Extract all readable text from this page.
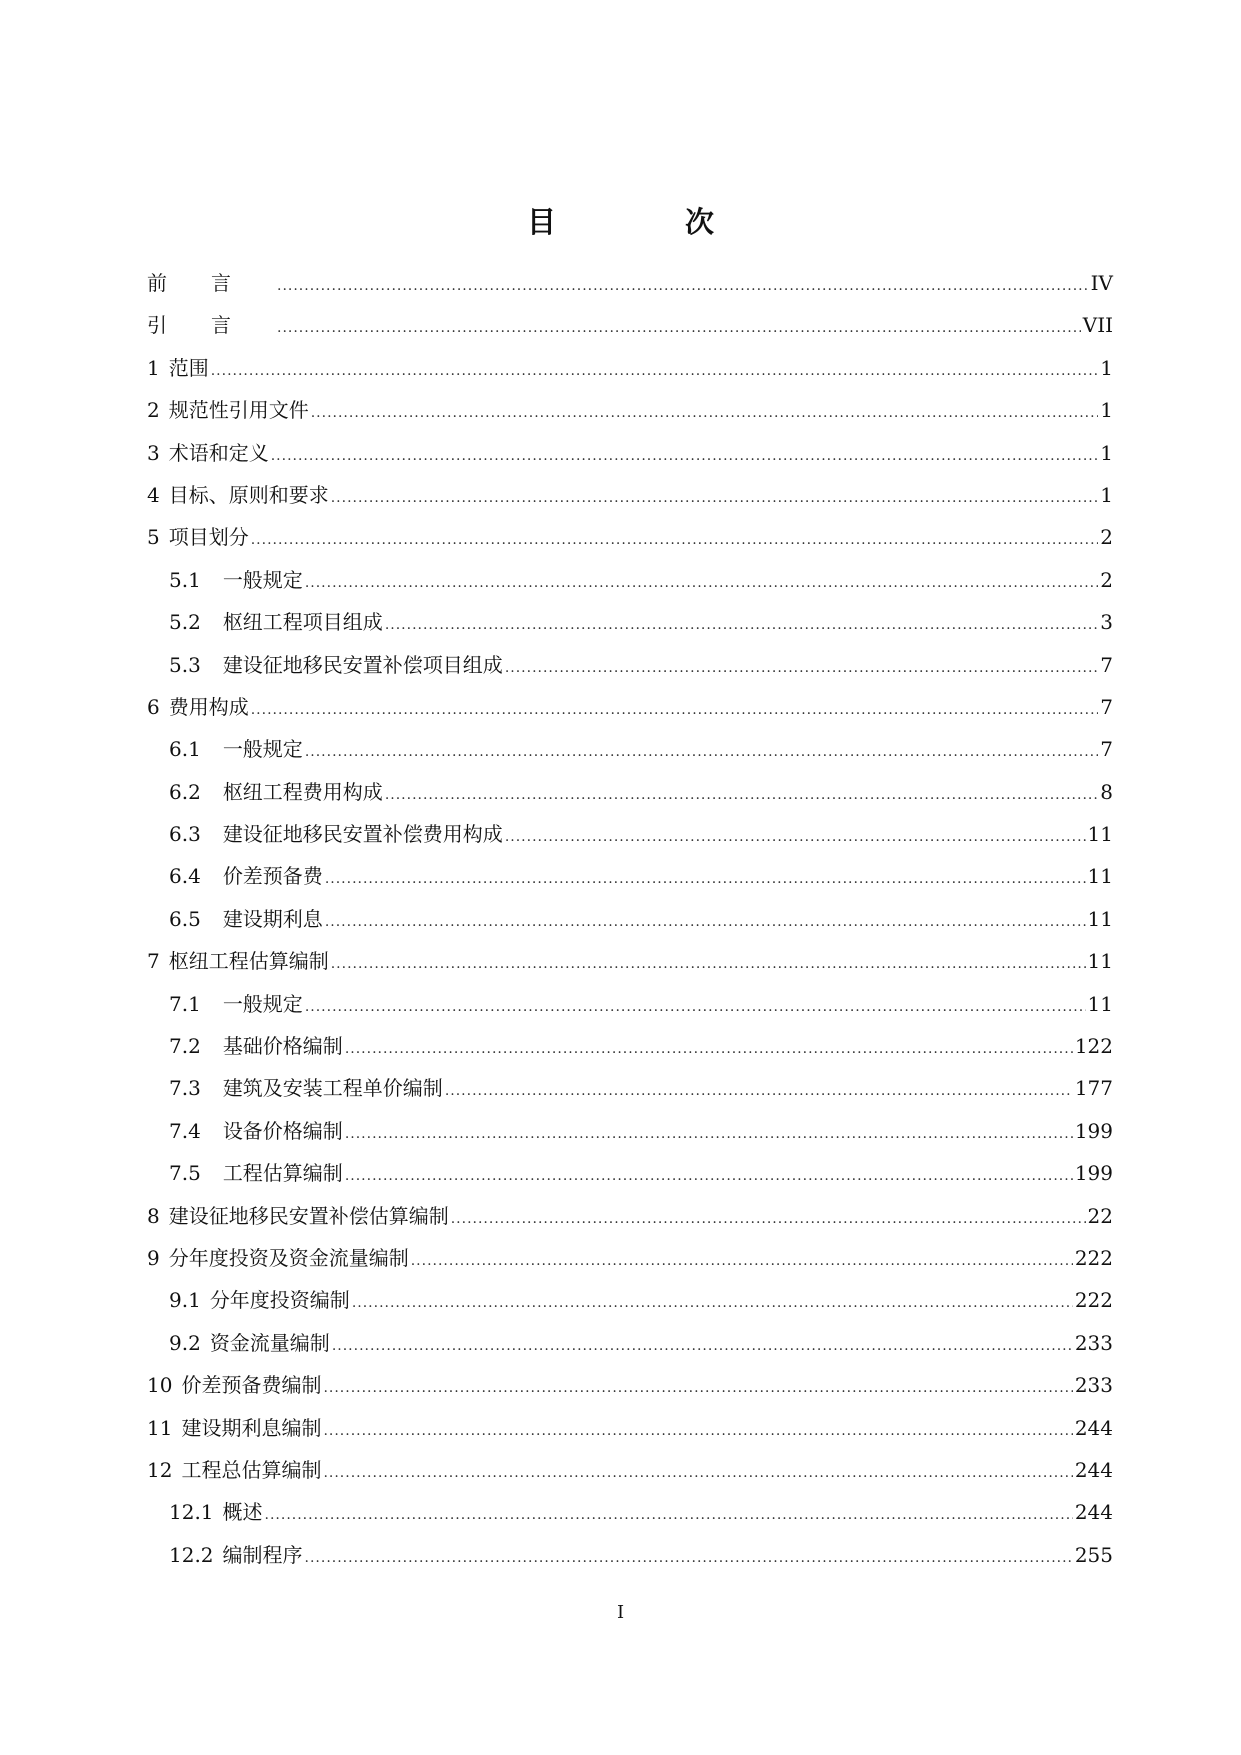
目　次
前言 .....	IV
引言 .....	VII
1 范围 .....	1
2 规范性引用文件 .....	1
3 术语和定义 .....	1
4 目标、原则和要求 .....	1
5 项目划分 .....	2
5.1 一般规定 .....	2
5.2 枢纽工程项目组成 .....	3
5.3 建设征地移民安置补偿项目组成 .....	7
6 费用构成 .....	7
6.1 一般规定 .....	7
6.2 枢纽工程费用构成 .....	8
6.3 建设征地移民安置补偿费用构成 .....	11
6.4 价差预备费 .....	11
6.5 建设期利息 .....	11
7 枢纽工程估算编制 .....	11
7.1 一般规定 .....	11
7.2 基础价格编制 .....	122
7.3 建筑及安装工程单价编制 .....	177
7.4 设备价格编制 .....	199
7.5 工程估算编制 .....	199
8 建设征地移民安置补偿估算编制 .....	22
9 分年度投资及资金流量编制 .....	222
9.1 分年度投资编制 .....	222
9.2 资金流量编制 .....	233
10 价差预备费编制 .....	233
11 建设期利息编制 .....	244
12 工程总估算编制 .....	244
12.1 概述 .....	244
12.2 编制程序 .....	255
I
